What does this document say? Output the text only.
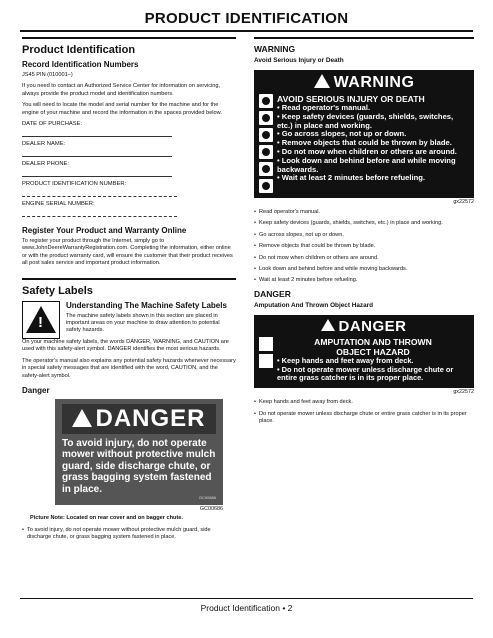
PRODUCT IDENTIFICATION
Product Identification
Record Identification Numbers
JS45 PIN (010001–)
If you need to contact an Authorized Service Center for information on servicing, always provide the product model and identification numbers.
You will need to locate the model and serial number for the machine and for the engine of your machine and record the information in the spaces provided below.
DATE OF PURCHASE:
DEALER NAME:
DEALER PHONE:
PRODUCT IDENTIFICATION NUMBER:
ENGINE SERIAL NUMBER:
Register Your Product and Warranty Online
To register your product through the Internet, simply go to www.JohnDeereWarrantyRegistration.com. Completing the information, either online or with the product warranty card, will ensure the customer that their product receives all post sales service and important product information.
Safety Labels
!
Understanding The Machine Safety Labels
The machine safety labels shown in this section are placed in important areas on your machine to draw attention to potential safety hazards.
On your machine safety labels, the words DANGER, WARNING, and CAUTION are used with this safety-alert symbol. DANGER identifies the most serious hazards.
The operator's manual also explains any potential safety hazards whenever necessary in special safety messages that are identified with the word, CAUTION, and the safety-alert symbol.
Danger
DANGER
To avoid injury, do not operate mower without protective mulch guard, side discharge chute, or grass bagging system fastened in place.
GC00686
GC00686
Picture Note: Located on rear cover and on bagger chute.
• To avoid injury, do not operate mower without protective mulch guard, side discharge chute, or grass bagging system fastened in place.
WARNING
Avoid Serious Injury or Death
WARNING
AVOID SERIOUS INJURY OR DEATH
• Read operator's manual.
• Keep safety devices (guards, shields, switches, etc.) in place and working.
• Go across slopes, not up or down.
• Remove objects that could be thrown by blade.
• Do not mow when children or others are around.
• Look down and behind before and while moving backwards.
• Wait at least 2 minutes before refueling.
gx22572
• Read operator's manual.
• Keep safety devices (guards, shields, switches, etc.) in place and working.
• Go across slopes, not up or down.
• Remove objects that could be thrown by blade.
• Do not mow when children or others are around.
• Look down and behind before and while moving backwards.
• Wait at least 2 minutes before refueling.
DANGER
Amputation And Thrown Object Hazard
DANGER
AMPUTATION AND THROWN
OBJECT HAZARD
• Keep hands and feet away from deck.
• Do not operate mower unless discharge chute or entire grass catcher is in its proper place.
gx22572
• Keep hands and feet away from deck.
• Do not operate mower unless discharge chute or entire grass catcher is in its proper place.
Product Identification • 2
